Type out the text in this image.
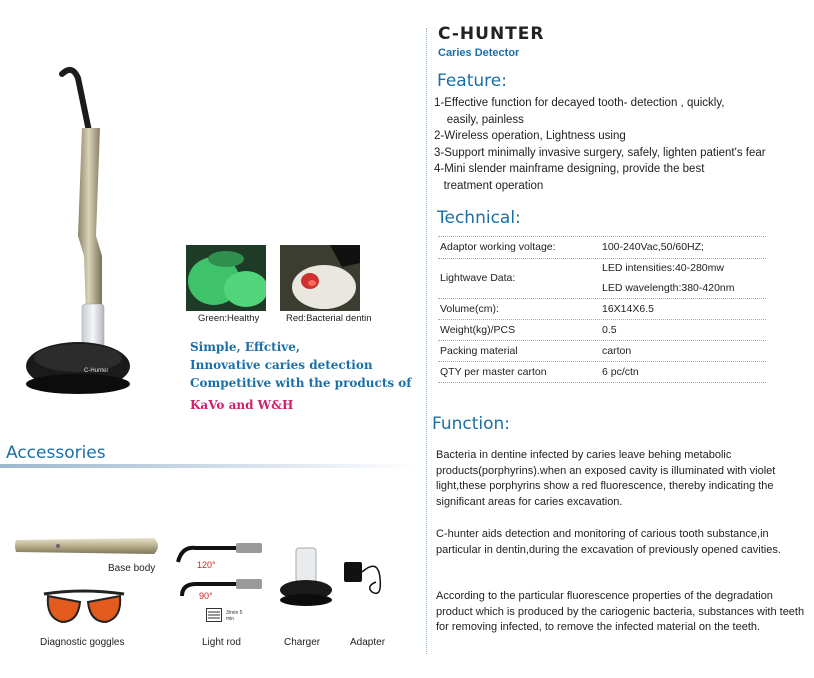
C-HUNTER
Caries Detector
Feature:
1-Effective function for decayed tooth- detection , quickly,
easily, painless
2-Wireless operation, Lightness using
3-Support minimally invasive surgery, safely, lighten patient's fear
4-Mini slender mainframe designing, provide the best
treatment operation
Technical:
Adaptor working voltage:	100-240Vac,50/60HZ;
Lightwave Data:
LED intensities:40-280mw
LED wavelength:380-420nm
Volume(cm):	16X14X6.5
Weight(kg)/PCS	0.5
Packing material	carton
QTY per master carton	6 pc/ctn
Function:
Bacteria in dentine infected by caries leave behing metabolic products(porphyrins).when an exposed cavity is illuminated with violet light,these porphyrins show a red fluorescence, thereby indicating the significant areas for caries excavation.
C-hunter aids detection and monitoring of carious tooth substance,in particular in dentin,during the excavation of previously opened cavities.
According to the particular fluorescence properties of the degradation product which is produced by the cariogenic bacteria, substances with teeth for removing infected, to remove the infected material on the teeth.
C-Hunter
Green:Healthy	Red:Bacterial dentin
Simple, Effctive,
Innovative caries detection
Competitive with the products of
KaVo and W&H
Accessories
Base body
Diagnostic goggles
120°
90°
3/min 5 min
Light rod	Charger	Adapter
